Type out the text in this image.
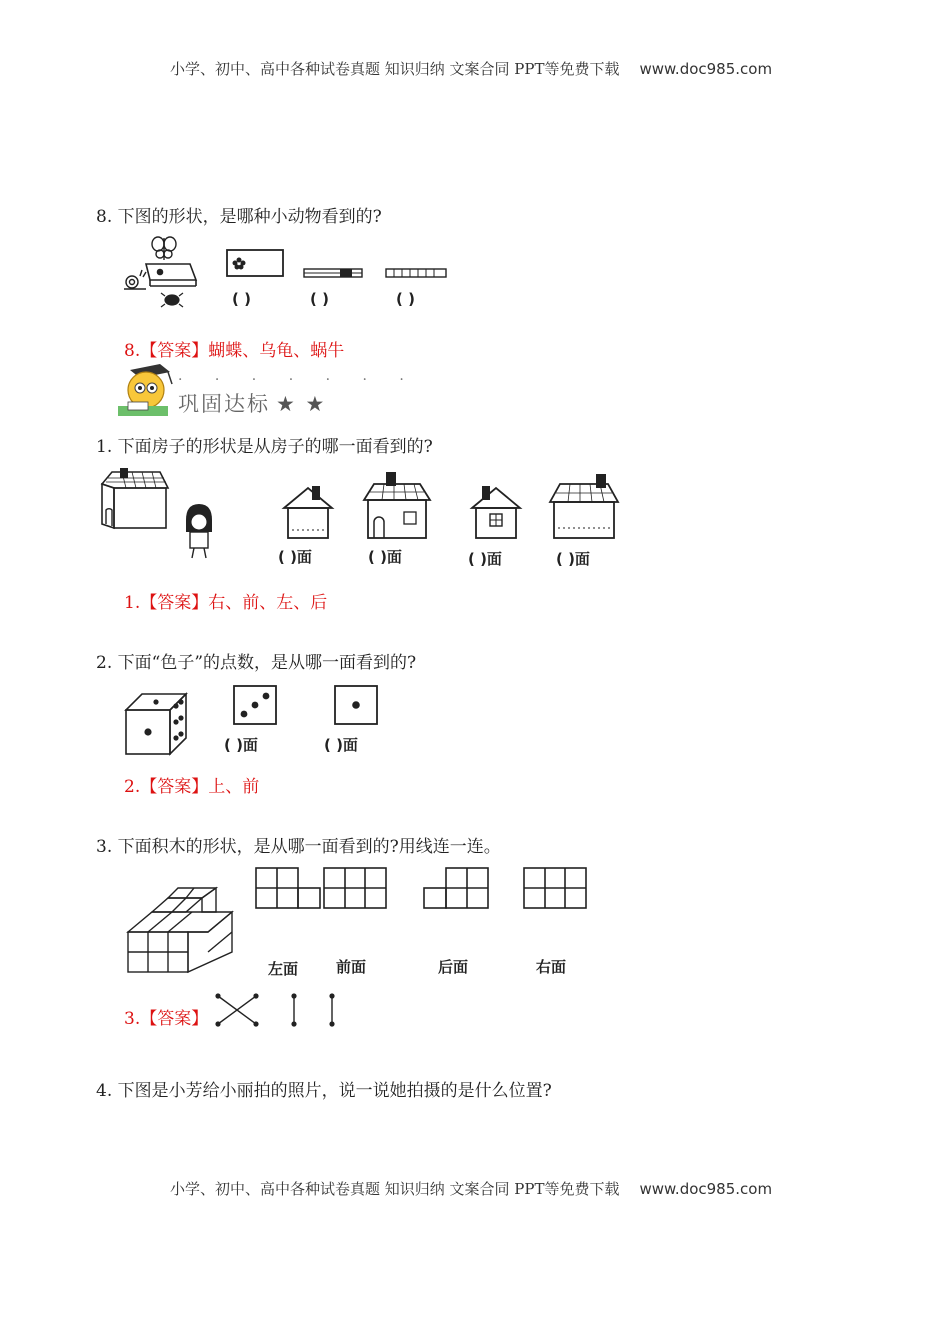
小学、初中、高中各种试卷真题 知识归纳 文案合同 PPT等免费下载 www.doc985.com
8. 下图的形状，是哪种小动物看到的?
( )	( )	( )
8.【答案】蝴蝶、乌龟、蜗牛
· · · · · · ·
巩固达标 ★ ★
1. 下面房子的形状是从房子的哪一面看到的?
( )面	( )面	( )面	( )面
1.【答案】右、前、左、后
2. 下面“色子”的点数，是从哪一面看到的?
( )面	( )面
2.【答案】上、前
3. 下面积木的形状，是从哪一面看到的?用线连一连。
左面	前面	后面	右面
3.【答案】
4. 下图是小芳给小丽拍的照片，说一说她拍摄的是什么位置?
小学、初中、高中各种试卷真题 知识归纳 文案合同 PPT等免费下载 www.doc985.com
